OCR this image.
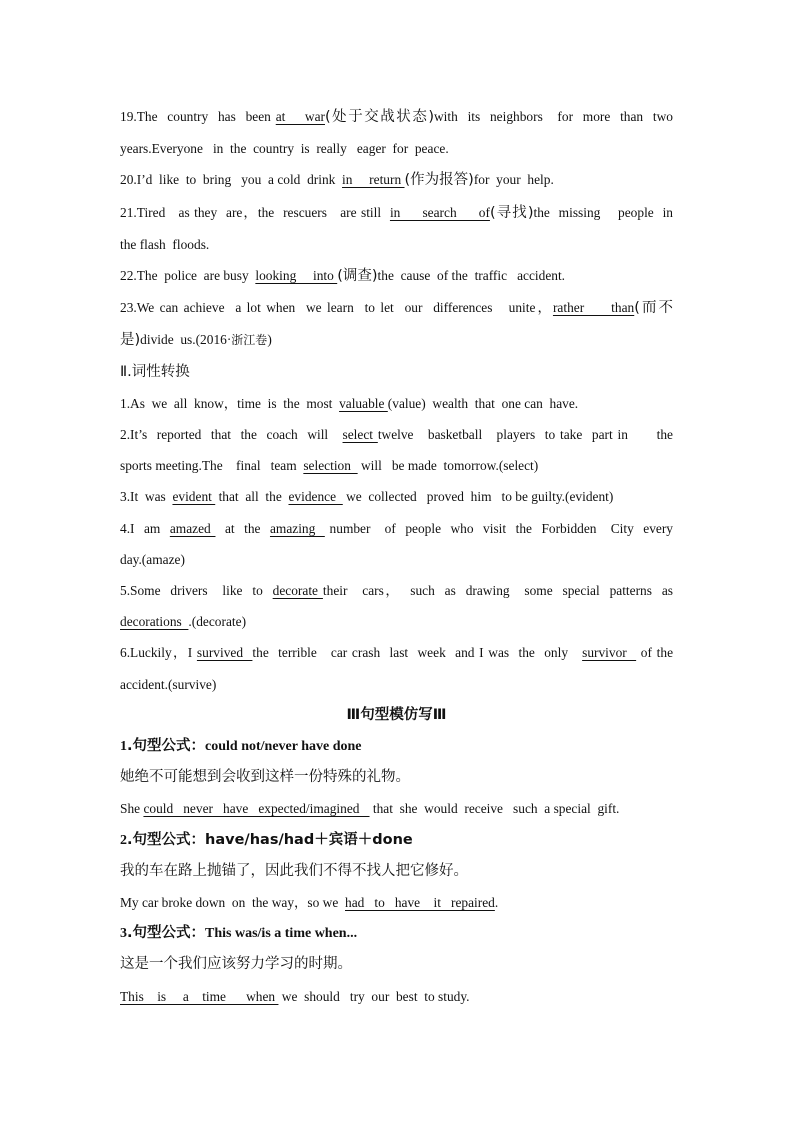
19.The  country  has  been at    war(处于交战状态)with  its  neighbors   for  more  than  two
years.Everyone   in  the  country  is  really   eager  for  peace.
20.I’d  like  to  bring   you  a cold  drink  in     return (作为报答)for  your  help.
21.Tired   as they  are，the  rescuers   are still  in     search     of(寻找)the  missing    people  in
the flash  floods.
22.The  police  are busy  looking     into (调查)the  cause  of the  traffic   accident.
23.We can achieve  a lot when  we learn  to let  our  differences   unite，rather     than(而不
是)divide  us.(2016·浙江卷)
Ⅱ.词性转换
1.As  we  all  know，time  is  the  most  valuable (value)  wealth  that  one can  have.
2.It’s  reported  that  the  coach  will   select twelve   basketball   players  to take  part in      the
sports meeting.The    final   team  selection   will   be made  tomorrow.(select)
3.It  was  evident  that  all  the  evidence   we  collected   proved  him   to be guilty.(evident)
4.I  am  amazed   at  the  amazing   number   of  people  who  visit  the  Forbidden   City  every
day.(amaze)
5.Some  drivers   like  to  decorate their   cars，  such  as  drawing   some  special  patterns  as
decorations  .(decorate)
6.Luckily，I survived  the  terrible   car crash  last  week  and I was  the  only   survivor   of the
accident.(survive)
Ⅲ句型模仿写Ⅲ
1.句型公式：could not/never have done
她绝不可能想到会收到这样一份特殊的礼物。
She could   never   have   expected/imagined    that  she  would  receive   such  a special  gift.
2.句型公式：have/has/had＋宾语＋done
我的车在路上抛锚了，因此我们不得不找人把它修好。
My car broke down  on  the way，so we  had   to   have    it   repaired.
3.句型公式：This was/is a time when...
这是一个我们应该努力学习的时期。
This    is     a    time      when  we  should   try  our  best  to study.
